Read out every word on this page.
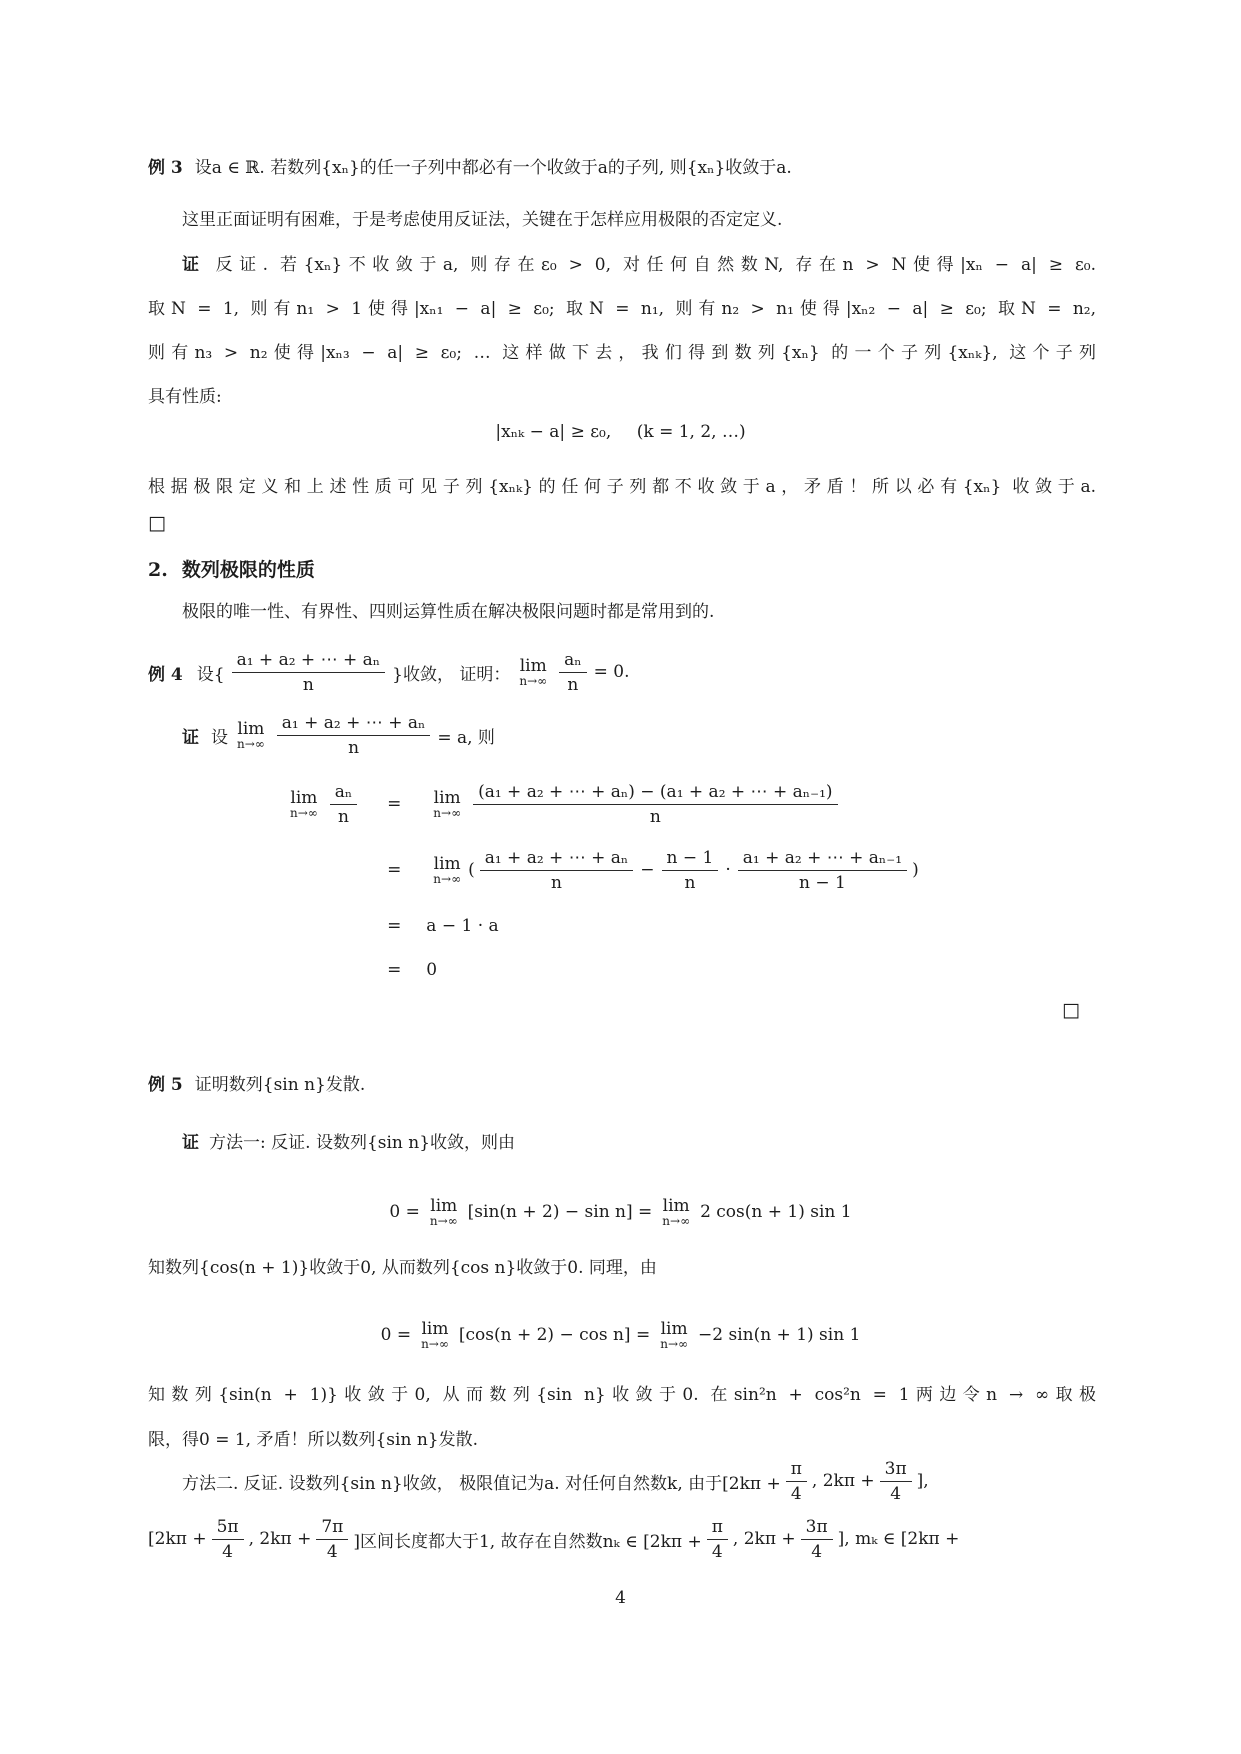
例 3 设a ∈ ℝ. 若数列{xₙ}的任一子列中都必有一个收敛于a的子列, 则{xₙ}收敛于a.
这里正面证明有困难，于是考虑使用反证法，关键在于怎样应用极限的否定定义.
证 反证. 若{xₙ}不收敛于a, 则存在ε₀ > 0, 对任何自然数N, 存在n > N使得|xₙ − a| ≥ ε₀.
取N = 1, 则有n₁ > 1使得|xₙ₁ − a| ≥ ε₀; 取N = n₁, 则有n₂ > n₁使得|xₙ₂ − a| ≥ ε₀; 取N = n₂,
则有n₃ > n₂使得|xₙ₃ − a| ≥ ε₀; … 这样做下去，我们得到数列{xₙ} 的一个子列{xₙₖ}, 这个子列
具有性质:
|xₙₖ − a| ≥ ε₀,  (k = 1, 2, …)
根据极限定义和上述性质可见子列{xₙₖ}的任何子列都不收敛于a，矛盾！所以必有{xₙ} 收敛于a.
□
2. 数列极限的性质
极限的唯一性、有界性、四则运算性质在解决极限问题时都是常用到的.
例 4 设{ $\frac{\text{a₁ + a₂ + ⋯ + aₙ}}{n}$ }收敛， 证明： lim
$n\to\infty \frac{\text{aₙ}}{n} = 0$.
证 设 lim
$n\to\infty \frac{\text{a₁ + a₂ + ⋯ + aₙ}}{n} = a$, 则
lim
$n\to\infty \frac{\text{aₙ}}{n}$	=	lim
$n\to\infty \frac{\text{(a₁ + a₂ + ⋯ + aₙ) − (a₁ + a₂ + ⋯ + aₙ₋₁)}}{n}$
=	lim
n→∞ ( $\frac{\text{a₁ + a₂ + ⋯ + aₙ}}{n} - \frac{n - 1}{n} \cdot \frac{\text{a₁ + a₂ + ⋯ + aₙ₋₁}}{n - 1}$ )
=	a − 1 · a
=	0
□
例 5 证明数列{sin n}发散.
证 方法一: 反证. 设数列{sin n}收敛，则由
0 = lim
n→∞ [sin(n + 2) − sin n] = lim
n→∞ 2 cos(n + 1) sin 1
知数列{cos(n + 1)}收敛于0, 从而数列{cos n}收敛于0. 同理，由
0 = lim
n→∞ [cos(n + 2) − cos n] = lim
n→∞ −2 sin(n + 1) sin 1
知数列{sin(n + 1)}收敛于0, 从而数列{sin n}收敛于0. 在sin²n + cos²n = 1两边令n → ∞取极
限，得0 = 1, 矛盾！所以数列{sin n}发散.
方法二. 反证. 设数列{sin n}收敛， 极限值记为a. 对任何自然数k, 由于[$2k\pi + \frac{\pi}{4}$ , $2k\pi + \frac{3\pi}{4}$ ],
[$2k\pi + \frac{5\pi}{4}$ , $2k\pi + \frac{7\pi}{4}$ ]区间长度都大于1, 故存在自然数nₖ ∈ [$2k\pi + \frac{\pi}{4}$ , $2k\pi + \frac{3\pi}{4}$ ], mₖ ∈ [2kπ +
4
